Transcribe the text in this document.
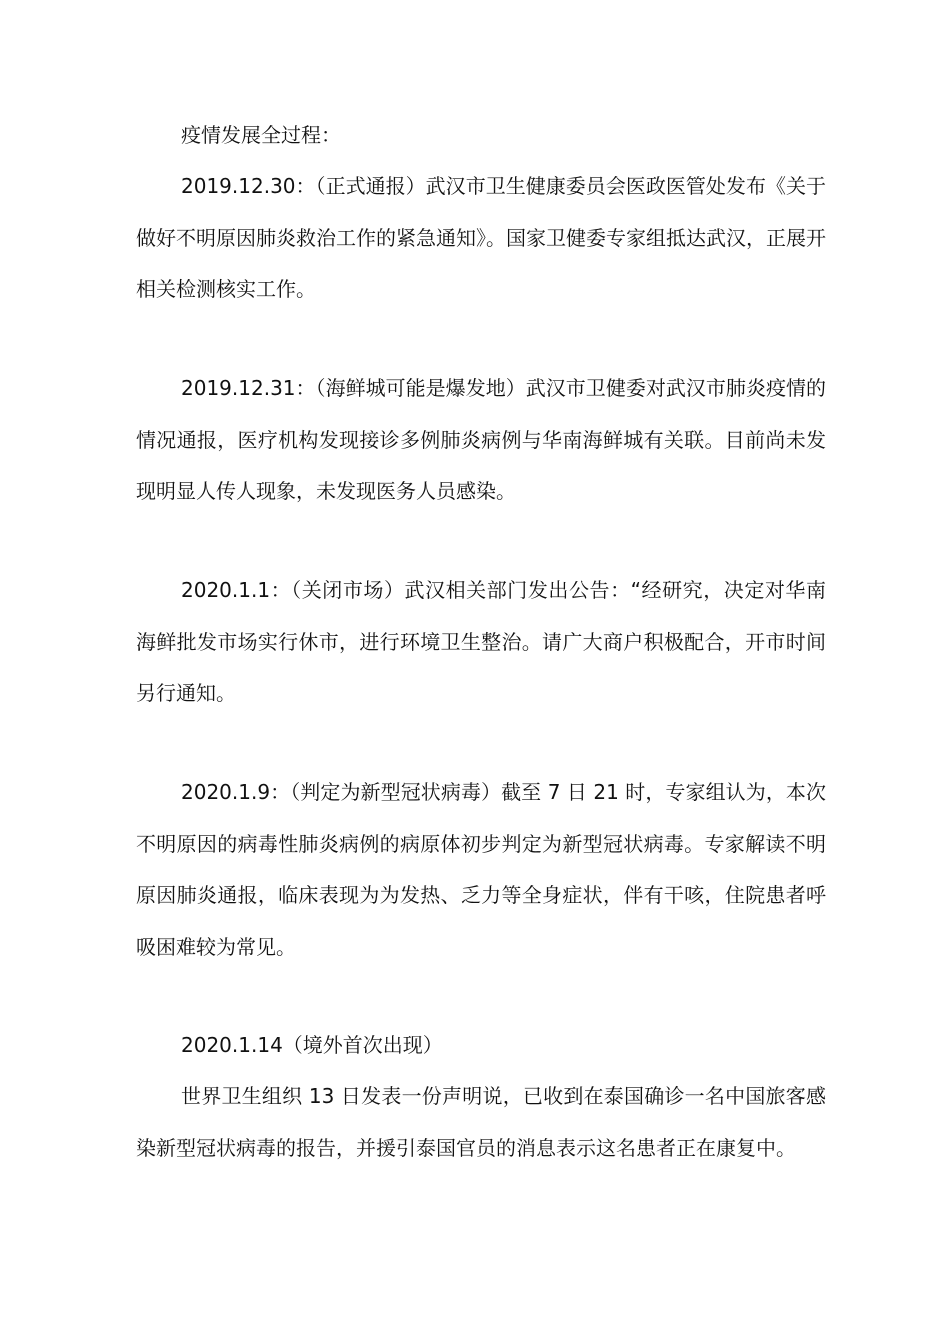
疫情发展全过程：

2019.12.30：（正式通报）武汉市卫生健康委员会医政医管处发布《关于做好不明原因肺炎救治工作的紧急通知》。国家卫健委专家组抵达武汉，正展开相关检测核实工作。

2019.12.31：（海鲜城可能是爆发地）武汉市卫健委对武汉市肺炎疫情的情况通报，医疗机构发现接诊多例肺炎病例与华南海鲜城有关联。目前尚未发现明显人传人现象，未发现医务人员感染。

2020.1.1：（关闭市场）武汉相关部门发出公告：“经研究，决定对华南海鲜批发市场实行休市，进行环境卫生整治。请广大商户积极配合，开市时间另行通知。

2020.1.9：（判定为新型冠状病毒）截至 7 日 21 时，专家组认为，本次不明原因的病毒性肺炎病例的病原体初步判定为新型冠状病毒。专家解读不明原因肺炎通报，临床表现为为发热、乏力等全身症状，伴有干咳，住院患者呼吸困难较为常见。

2020.1.14（境外首次出现）

世界卫生组织 13 日发表一份声明说，已收到在泰国确诊一名中国旅客感染新型冠状病毒的报告，并援引泰国官员的消息表示这名患者正在康复中。
